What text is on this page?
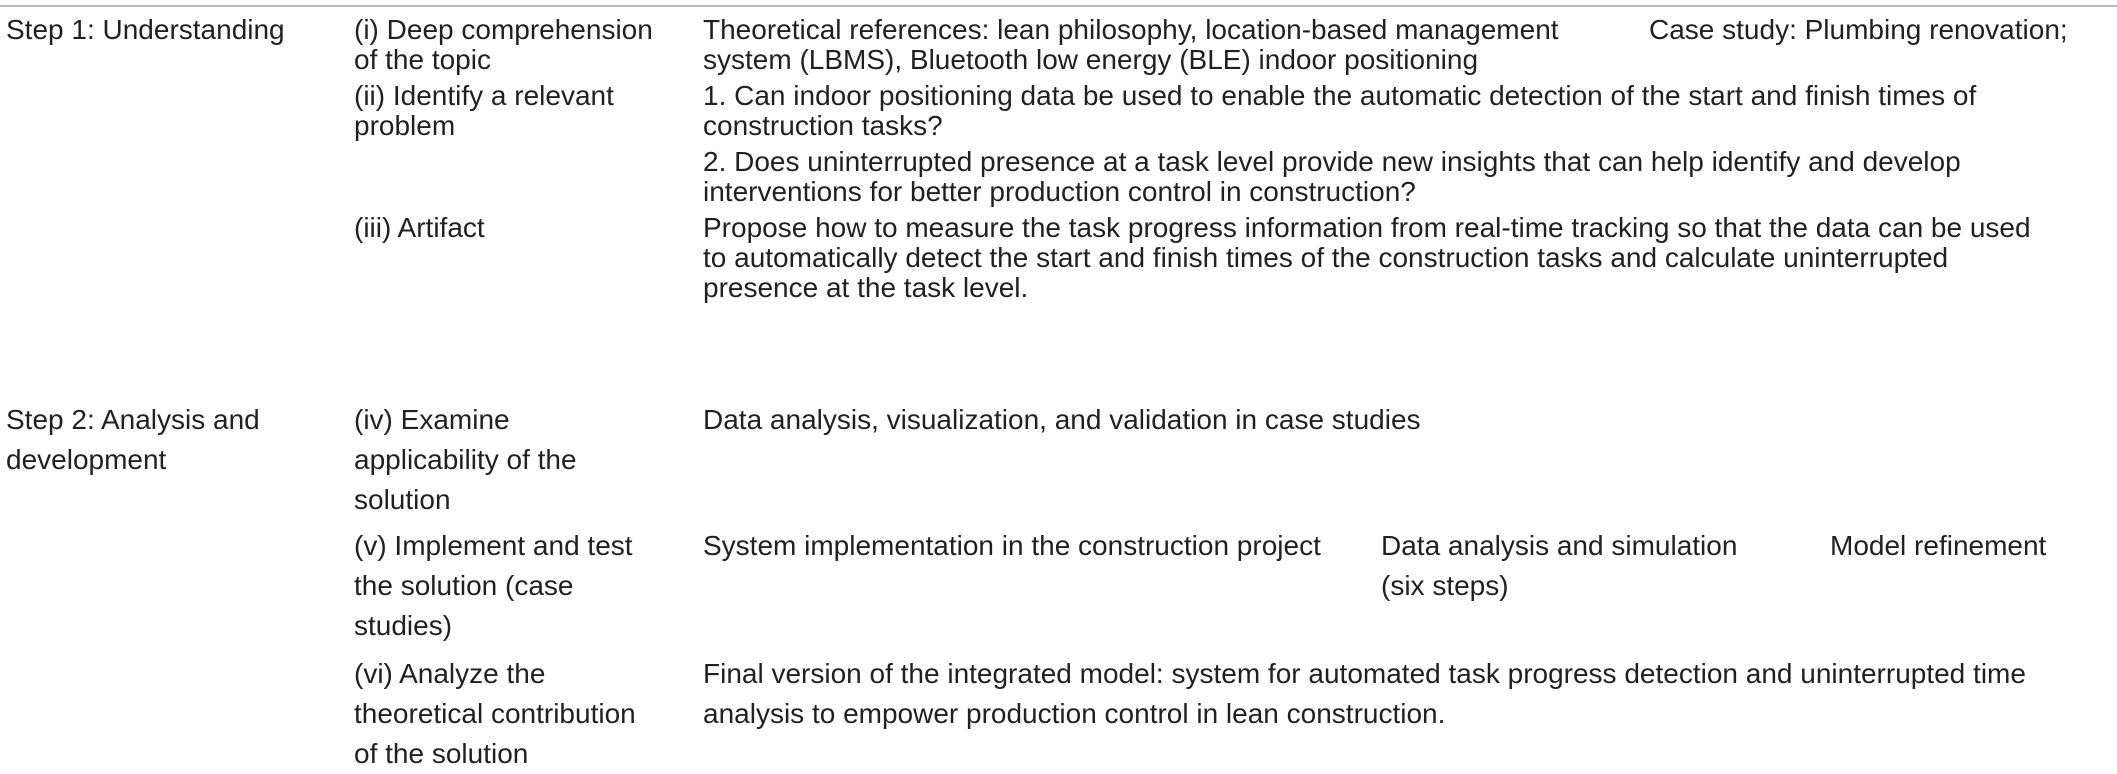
Step 1: Understanding (i) Deep comprehension
of the topic
Theoretical references: lean philosophy, location-based management
system (LBMS), Bluetooth low energy (BLE) indoor positioning
Case study: Plumbing renovation;
(ii) Identify a relevant
problem
1. Can indoor positioning data be used to enable the automatic detection of the start and finish times of
construction tasks?
2. Does uninterrupted presence at a task level provide new insights that can help identify and develop
interventions for better production control in construction?
(iii) Artifact	Propose how to measure the task progress information from real-time tracking so that the data can be used
to automatically detect the start and finish times of the construction tasks and calculate uninterrupted
presence at the task level.
Step 2: Analysis and
development
(iv) Examine
applicability of the
solution
Data analysis, visualization, and validation in case studies
(v) Implement and test
the solution (case
studies)
System implementation in the construction project Data analysis and simulation
(six steps)
Model refinement
(vi) Analyze the
theoretical contribution
of the solution
Final version of the integrated model: system for automated task progress detection and uninterrupted time
analysis to empower production control in lean construction.
